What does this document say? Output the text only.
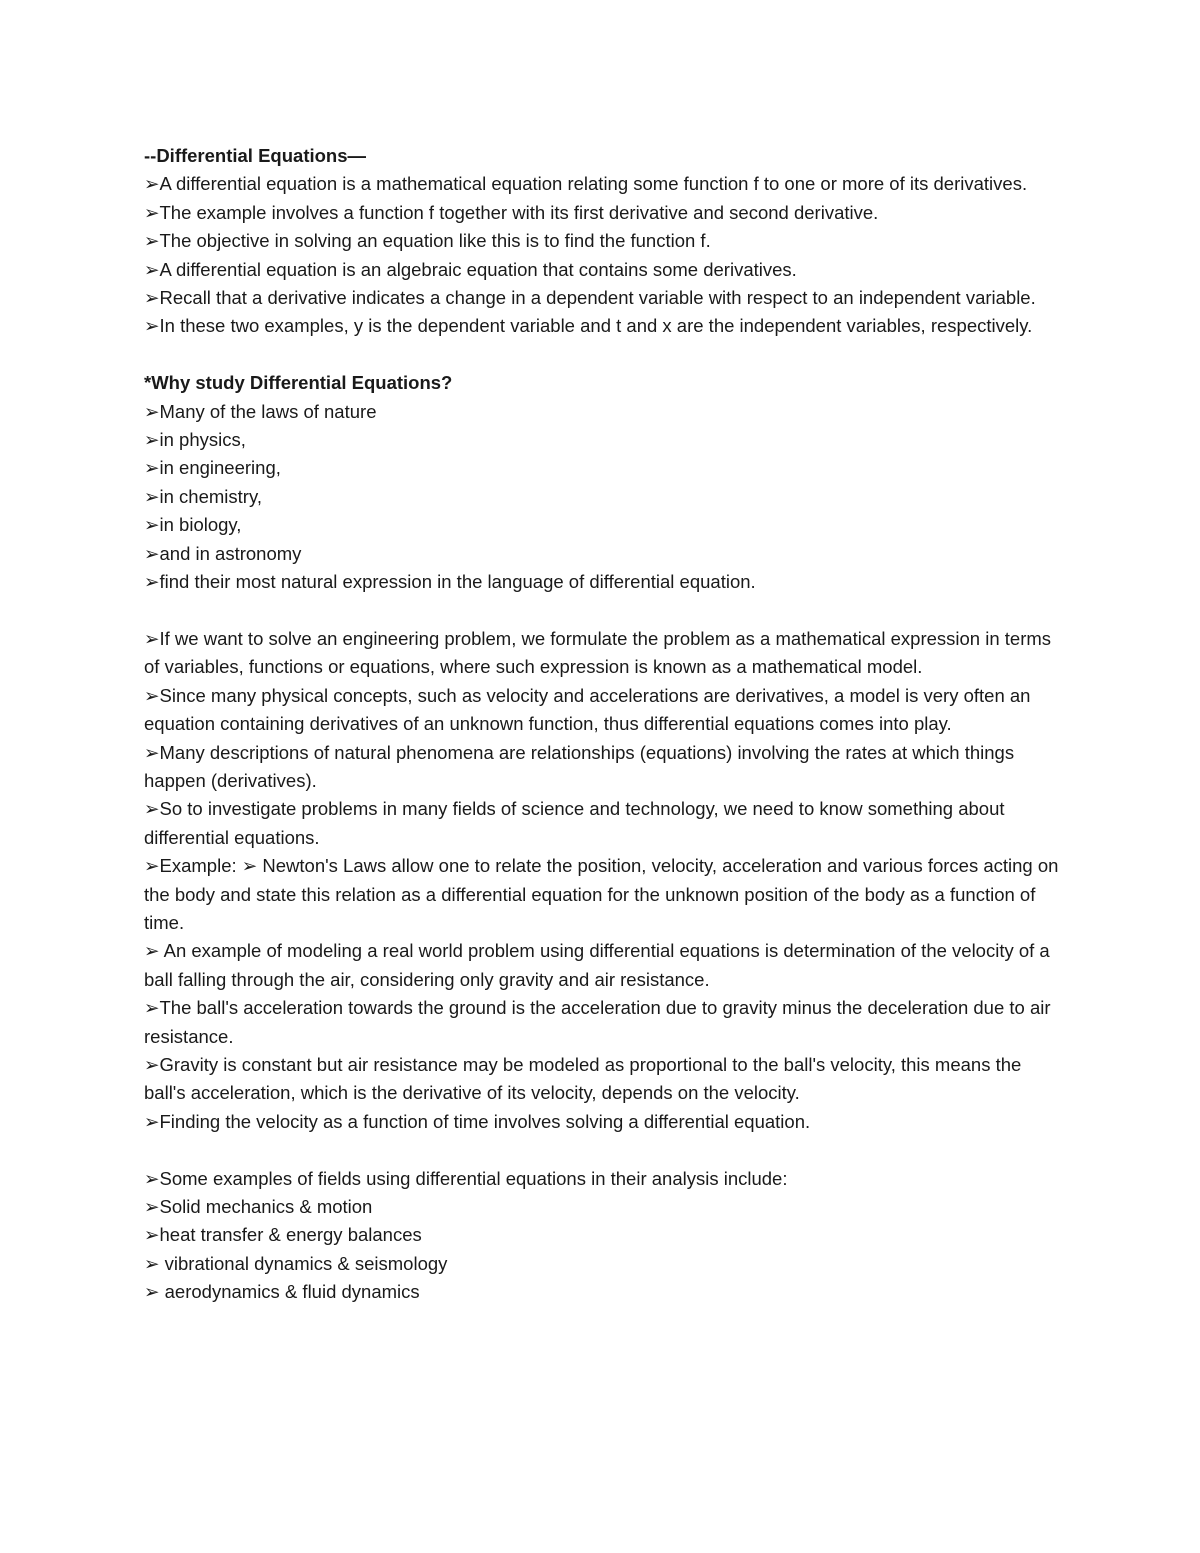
--Differential Equations—

➢A differential equation is a mathematical equation relating some function f to one or more of its derivatives.

➢The example involves a function f together with its first derivative and second derivative.

➢The objective in solving an equation like this is to find the function f.

➢A differential equation is an algebraic equation that contains some derivatives.

➢Recall that a derivative indicates a change in a dependent variable with respect to an independent variable.

➢In these two examples, y is the dependent variable and t and x are the independent variables, respectively.

*Why study Differential Equations?

➢Many of the laws of nature

➢in physics,

➢in engineering,

➢in chemistry,

➢in biology,

➢and in astronomy

➢find their most natural expression in the language of differential equation.

➢If we want to solve an engineering problem, we formulate the problem as a mathematical expression in terms of variables, functions or equations, where such expression is known as a mathematical model.

➢Since many physical concepts, such as velocity and accelerations are derivatives, a model is very often an equation containing derivatives of an unknown function, thus differential equations comes into play.

➢Many descriptions of natural phenomena are relationships (equations) involving the rates at which things happen (derivatives).

➢So to investigate problems in many fields of science and technology, we need to know something about differential equations.

➢Example: ➢ Newton's Laws allow one to relate the position, velocity, acceleration and various forces acting on the body and state this relation as a differential equation for the unknown position of the body as a function of time.

➢ An example of modeling a real world problem using differential equations is determination of the velocity of a ball falling through the air, considering only gravity and air resistance.

➢The ball's acceleration towards the ground is the acceleration due to gravity minus the deceleration due to air resistance.

➢Gravity is constant but air resistance may be modeled as proportional to the ball's velocity, this means the ball's acceleration, which is the derivative of its velocity, depends on the velocity.

➢Finding the velocity as a function of time involves solving a differential equation.

➢Some examples of fields using differential equations in their analysis include:

➢Solid mechanics & motion

➢heat transfer & energy balances

➢ vibrational dynamics & seismology

➢ aerodynamics & fluid dynamics
